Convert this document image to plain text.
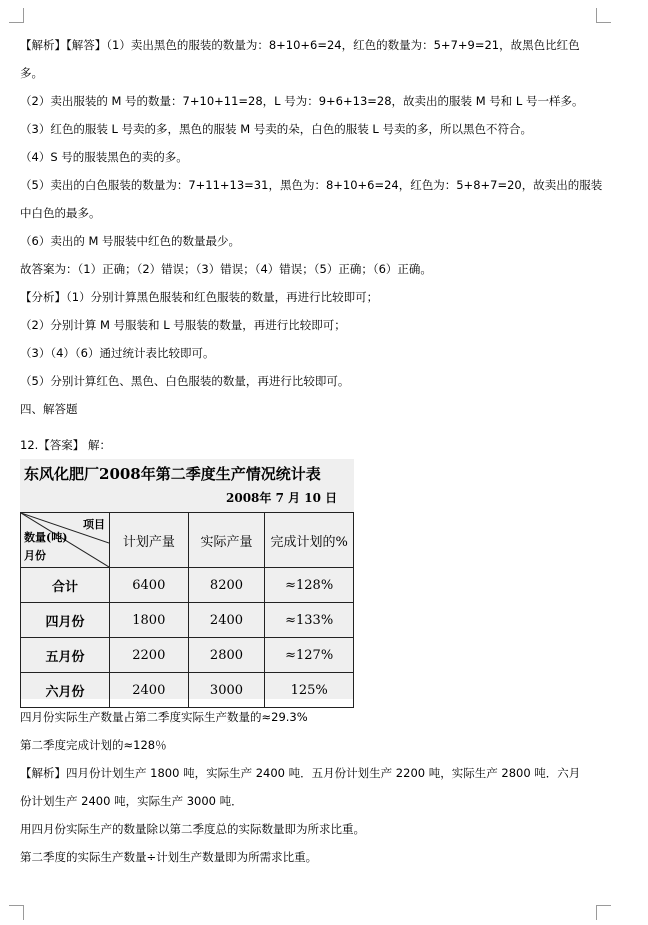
【解析】【解答】（1）卖出黑色的服装的数量为：8+10+6=24，红色的数量为：5+7+9=21，故黑色比红色
多。
（2）卖出服装的 M 号的数量：7+10+11=28，L 号为：9+6+13=28，故卖出的服装 M 号和 L 号一样多。
（3）红色的服装 L 号卖的多，黑色的服装 M 号卖的朵，白色的服装 L 号卖的多，所以黑色不符合。
（4）S 号的服装黑色的卖的多。
（5）卖出的白色服装的数量为：7+11+13=31，黑色为：8+10+6=24，红色为：5+8+7=20，故卖出的服装
中白色的最多。
（6）卖出的 M 号服装中红色的数量最少。
故答案为：（1）正确；（2）错误；（3）错误；（4）错误；（5）正确；（6）正确。
【分析】（1）分别计算黑色服装和红色服装的数量，再进行比较即可；
（2）分别计算 M 号服装和 L 号服装的数量，再进行比较即可；
（3）（4）（6）通过统计表比较即可。
（5）分别计算红色、黑色、白色服装的数量，再进行比较即可。
四、解答题
12.【答案】 解：
东风化肥厂2008年第二季度生产情况统计表
2008年 7 月 10 日
项目
数量(吨)
月份	计划产量	实际产量	完成计划的%
合计	6400	8200	≈128%
四月份	1800	2400	≈133%
五月份	2200	2800	≈127%
六月份	2400	3000	125%
四月份实际生产数量占第二季度实际生产数量的≈29.3%
第二季度完成计划的≈128％
【解析】四月份计划生产 1800 吨，实际生产 2400 吨．五月份计划生产 2200 吨，实际生产 2800 吨．六月
份计划生产 2400 吨，实际生产 3000 吨．
用四月份实际生产的数量除以第二季度总的实际数量即为所求比重。
第二季度的实际生产数量÷计划生产数量即为所需求比重。
